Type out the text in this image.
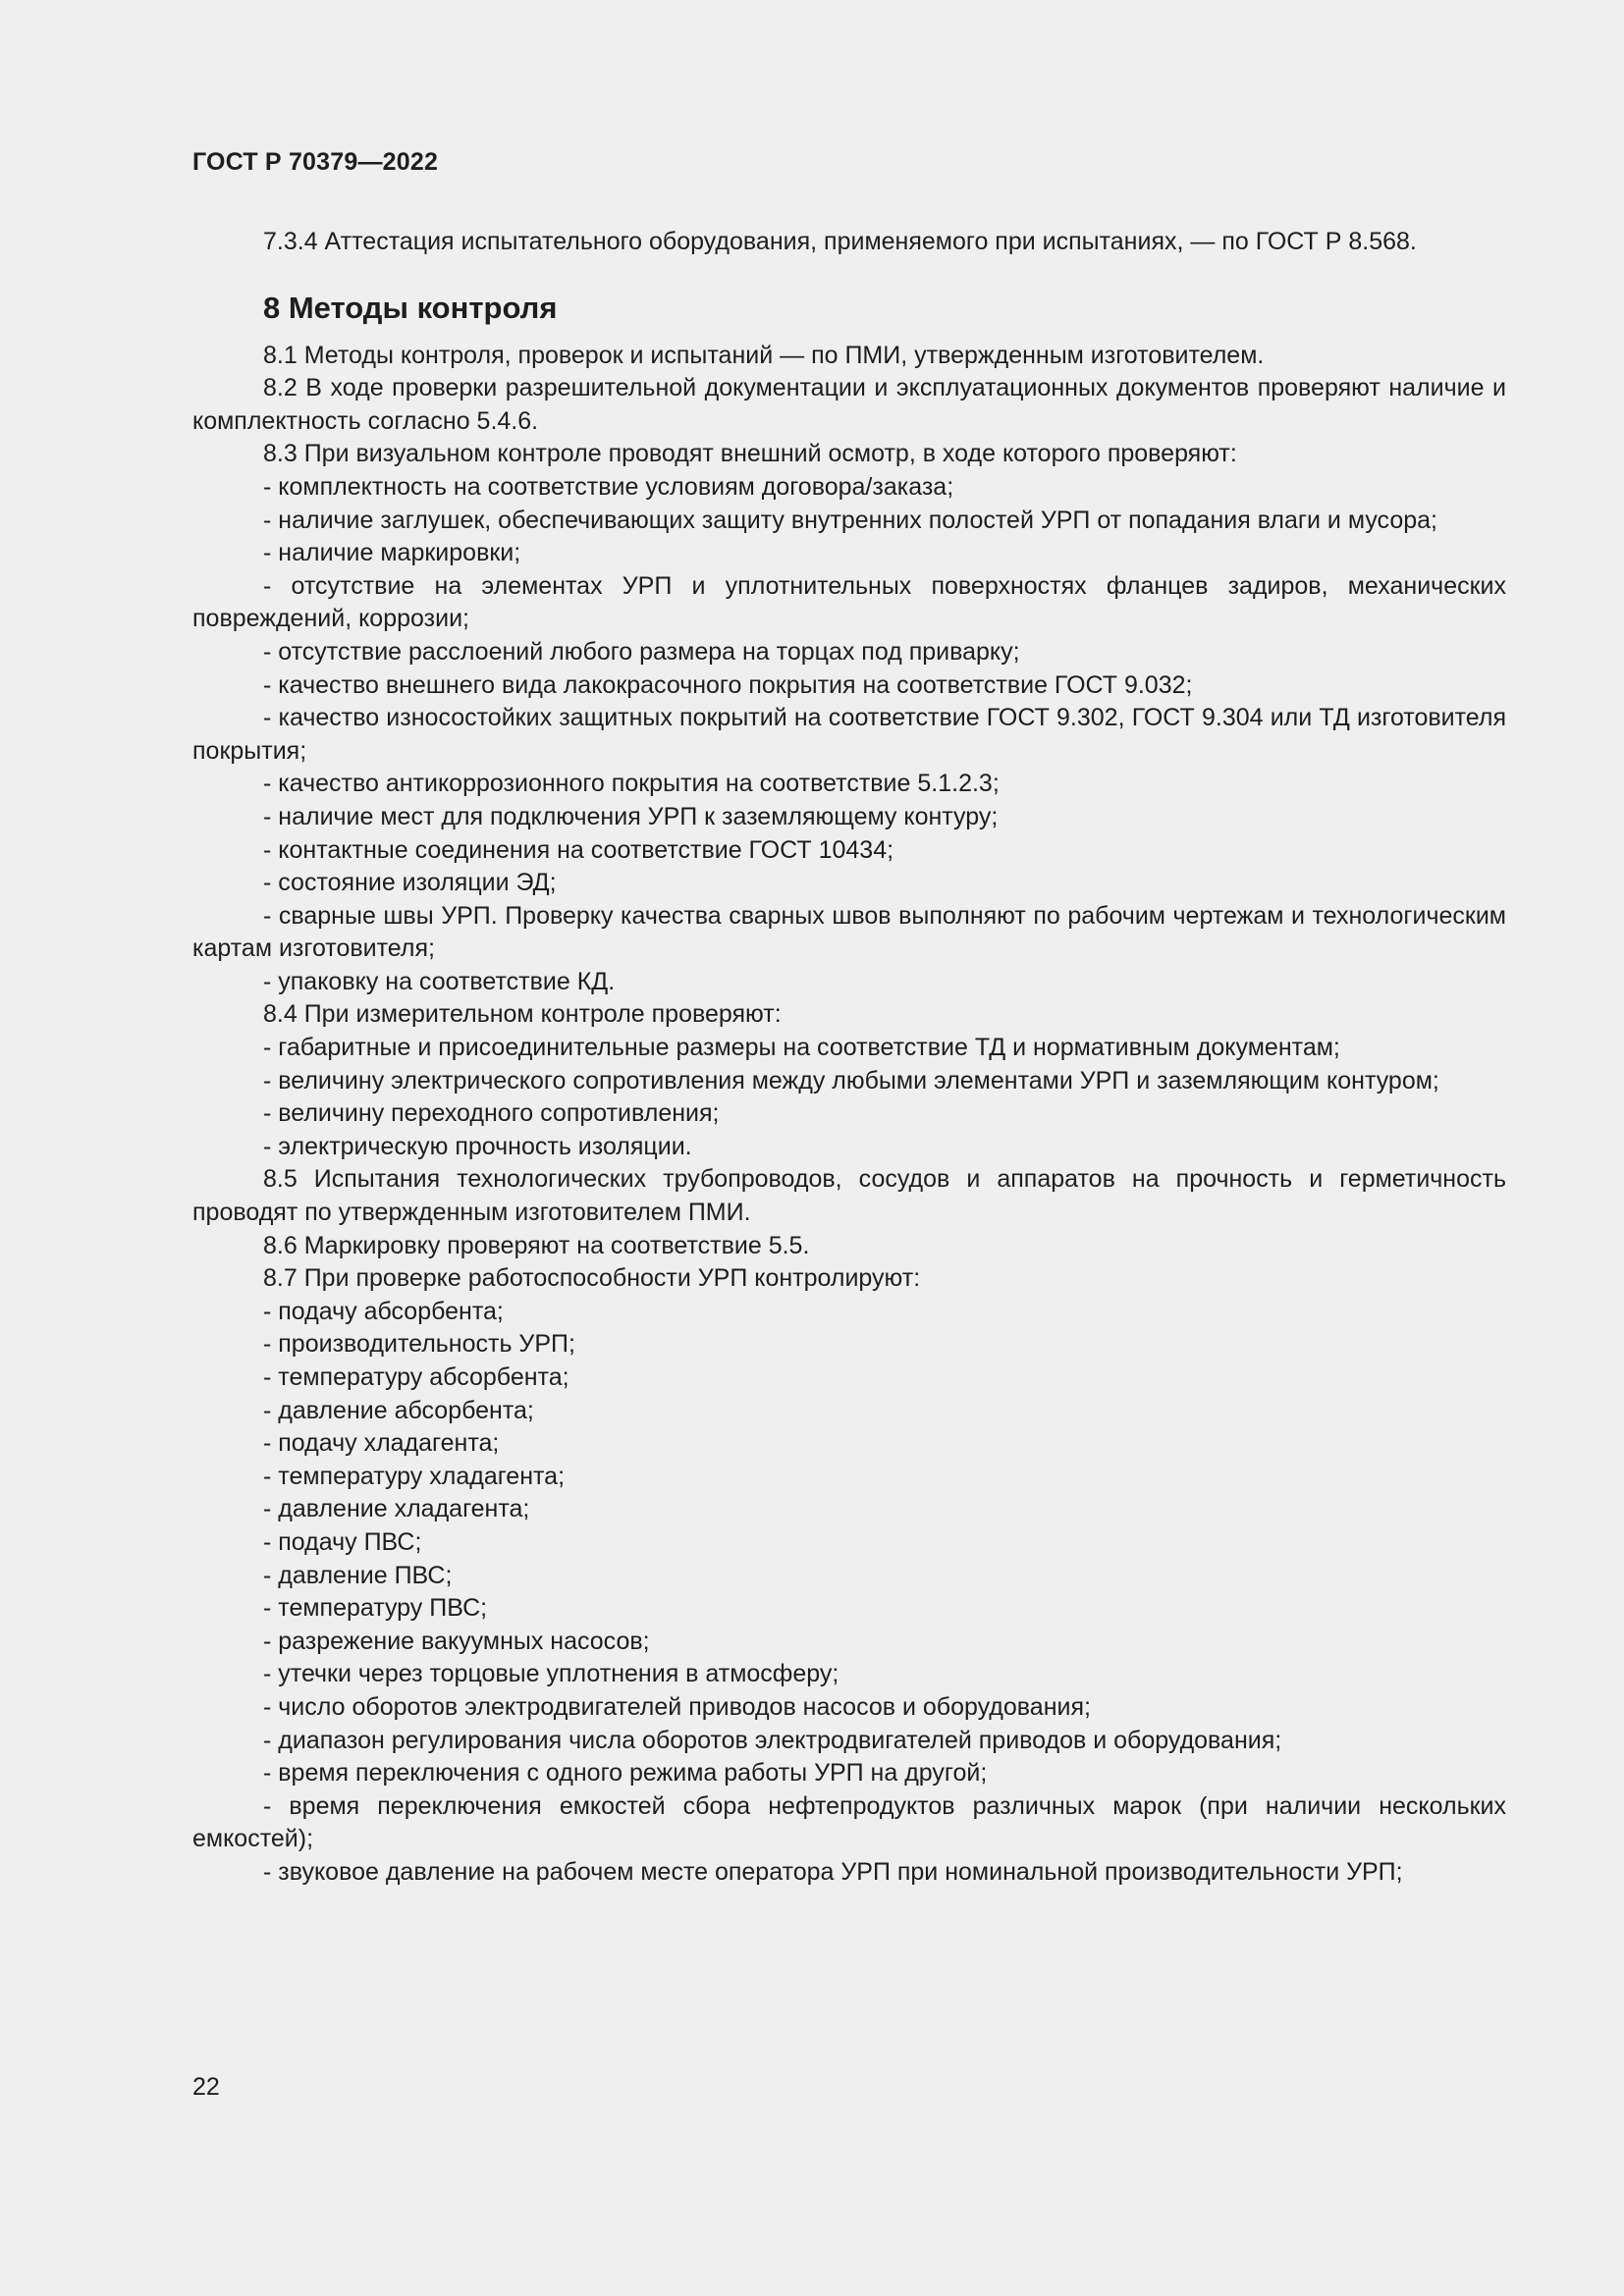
ГОСТ Р 70379—2022

7.3.4 Аттестация испытательного оборудования, применяемого при испытаниях, — по ГОСТ Р 8.568.

8 Методы контроля

8.1 Методы контроля, проверок и испытаний — по ПМИ, утвержденным изготовителем.

8.2 В ходе проверки разрешительной документации и эксплуатационных документов проверяют наличие и комплектность согласно 5.4.6.

8.3 При визуальном контроле проводят внешний осмотр, в ходе которого проверяют:

- комплектность на соответствие условиям договора/заказа;

- наличие заглушек, обеспечивающих защиту внутренних полостей УРП от попадания влаги и мусора;

- наличие маркировки;

- отсутствие на элементах УРП и уплотнительных поверхностях фланцев задиров, механических повреждений, коррозии;

- отсутствие расслоений любого размера на торцах под приварку;

- качество внешнего вида лакокрасочного покрытия на соответствие ГОСТ 9.032;

- качество износостойких защитных покрытий на соответствие ГОСТ 9.302, ГОСТ 9.304 или ТД изготовителя покрытия;

- качество антикоррозионного покрытия на соответствие 5.1.2.3;

- наличие мест для подключения УРП к заземляющему контуру;

- контактные соединения на соответствие ГОСТ 10434;

- состояние изоляции ЭД;

- сварные швы УРП. Проверку качества сварных швов выполняют по рабочим чертежам и технологическим картам изготовителя;

- упаковку на соответствие КД.

8.4 При измерительном контроле проверяют:

- габаритные и присоединительные размеры на соответствие ТД и нормативным документам;

- величину электрического сопротивления между любыми элементами УРП и заземляющим контуром;

- величину переходного сопротивления;

- электрическую прочность изоляции.

8.5 Испытания технологических трубопроводов, сосудов и аппаратов на прочность и герметичность проводят по утвержденным изготовителем ПМИ.

8.6 Маркировку проверяют на соответствие 5.5.

8.7 При проверке работоспособности УРП контролируют:

- подачу абсорбента;

- производительность УРП;

- температуру абсорбента;

- давление абсорбента;

- подачу хладагента;

- температуру хладагента;

- давление хладагента;

- подачу ПВС;

- давление ПВС;

- температуру ПВС;

- разрежение вакуумных насосов;

- утечки через торцовые уплотнения в атмосферу;

- число оборотов электродвигателей приводов насосов и оборудования;

- диапазон регулирования числа оборотов электродвигателей приводов и оборудования;

- время переключения с одного режима работы УРП на другой;

- время переключения емкостей сбора нефтепродуктов различных марок (при наличии нескольких емкостей);

- звуковое давление на рабочем месте оператора УРП при номинальной производительности УРП;

22
